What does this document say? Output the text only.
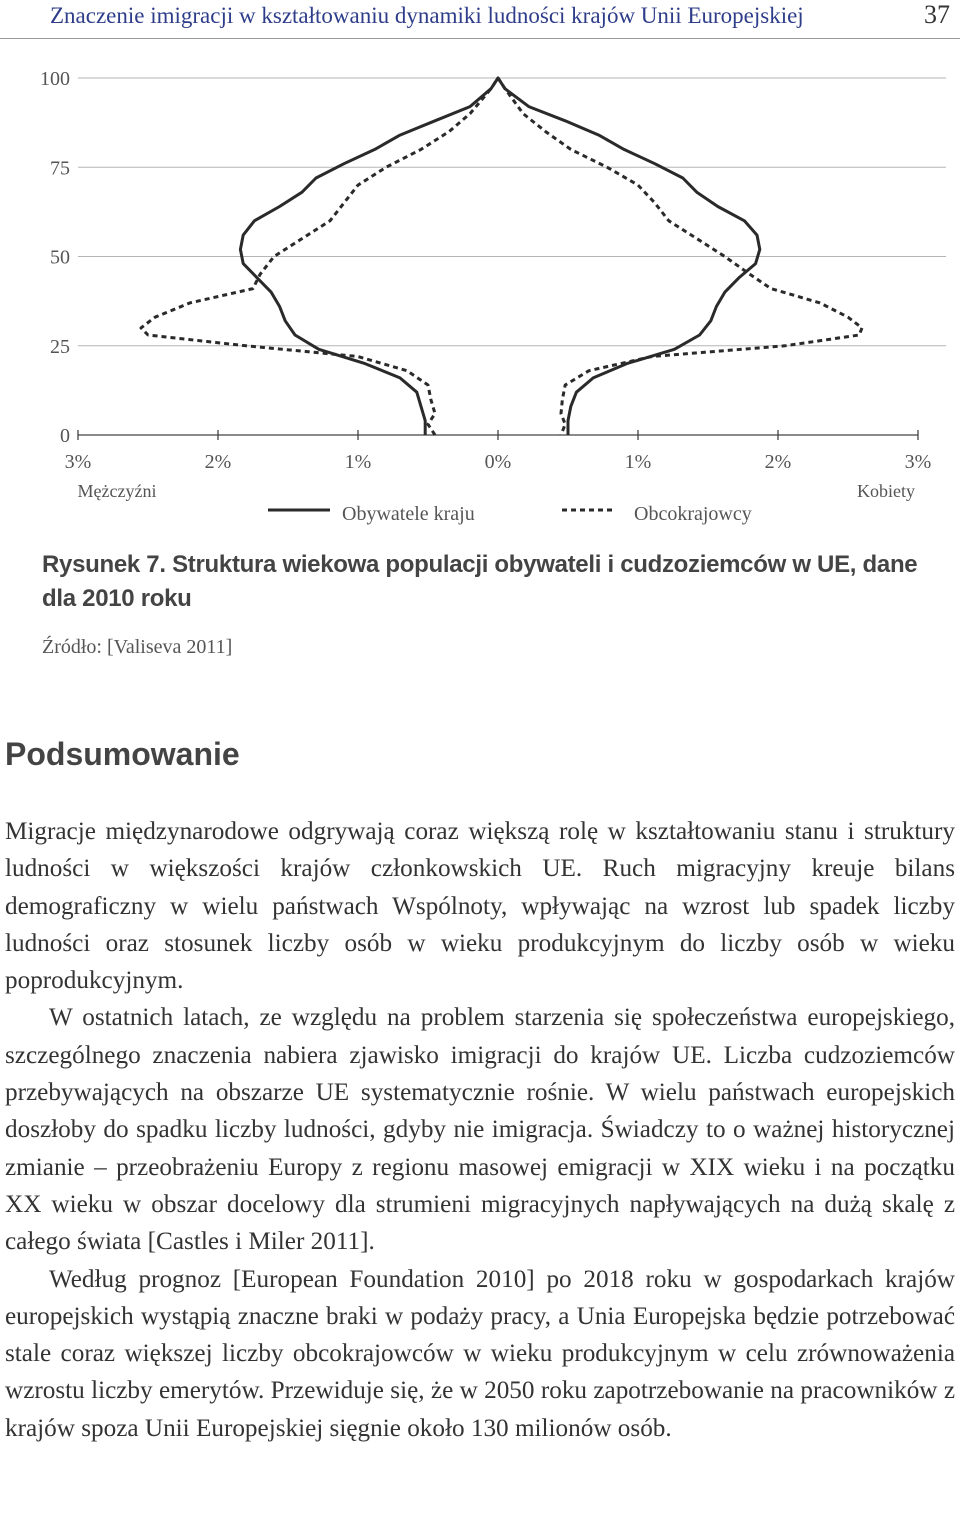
Znaczenie imigracji w kształtowaniu dynamiki ludności krajów Unii Europejskiej	37
100
75
50
25
0
3%	2%	1%	0%	1%	2%	3%
Mężczyźni	Kobiety
Obywatele kraju	Obcokrajowcy
Rysunek 7. Struktura wiekowa populacji obywateli i cudzoziemców w UE, dane dla 2010 roku
Źródło: [Valiseva 2011]
Podsumowanie

Migracje międzynarodowe odgrywają coraz większą rolę w kształtowaniu stanu i struktury ludności w większości krajów członkowskich UE. Ruch migracyjny kreuje bilans demograficzny w wielu państwach Wspólnoty, wpływając na wzrost lub spadek liczby ludności oraz stosunek liczby osób w wieku produkcyjnym do liczby osób w wieku poprodukcyjnym.

W ostatnich latach, ze względu na problem starzenia się społeczeństwa europejskiego, szczególnego znaczenia nabiera zjawisko imigracji do krajów UE. Liczba cudzoziemców przebywających na obszarze UE systematycznie rośnie. W wielu państwach europejskich doszłoby do spadku liczby ludności, gdyby nie imigracja. Świadczy to o ważnej historycznej zmianie – przeobrażeniu Europy z regionu masowej emigracji w XIX wieku i na początku XX wieku w obszar docelowy dla strumieni migracyjnych napływających na dużą skalę z całego świata [Castles i Miler 2011].

Według prognoz [European Foundation 2010] po 2018 roku w gospodarkach krajów europejskich wystąpią znaczne braki w podaży pracy, a Unia Europejska będzie potrzebować stale coraz większej liczby obcokrajowców w wieku produkcyjnym w celu zrównoważenia wzrostu liczby emerytów. Przewiduje się, że w 2050 roku zapotrzebowanie na pracowników z krajów spoza Unii Europejskiej sięgnie około 130 milionów osób.
